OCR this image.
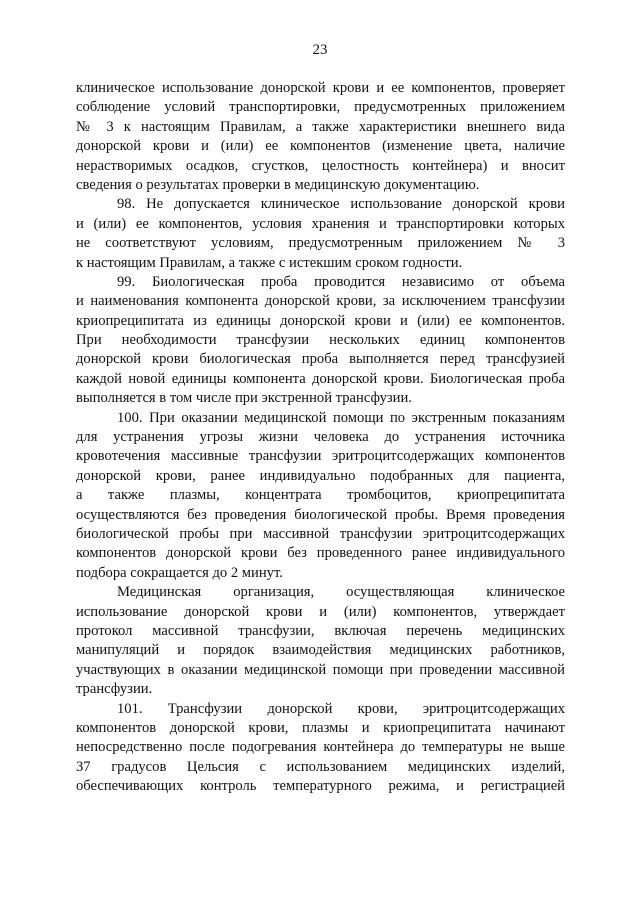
23
клиническое использование донорской крови и ее компонентов, проверяет
соблюдение условий транспортировки, предусмотренных приложением
№ 3 к настоящим Правилам, а также характеристики внешнего вида
донорской крови и (или) ее компонентов (изменение цвета, наличие
нерастворимых осадков, сгустков, целостность контейнера) и вносит
сведения о результатах проверки в медицинскую документацию.
98. Не допускается клиническое использование донорской крови
и (или) ее компонентов, условия хранения и транспортировки которых
не соответствуют условиям, предусмотренным приложением № 3
к настоящим Правилам, а также с истекшим сроком годности.
99. Биологическая проба проводится независимо от объема
и наименования компонента донорской крови, за исключением трансфузии
криопреципитата из единицы донорской крови и (или) ее компонентов.
При необходимости трансфузии нескольких единиц компонентов
донорской крови биологическая проба выполняется перед трансфузией
каждой новой единицы компонента донорской крови. Биологическая проба
выполняется в том числе при экстренной трансфузии.
100. При оказании медицинской помощи по экстренным показаниям
для устранения угрозы жизни человека до устранения источника
кровотечения массивные трансфузии эритроцитсодержащих компонентов
донорской крови, ранее индивидуально подобранных для пациента,
а также плазмы, концентрата тромбоцитов, криопреципитата
осуществляются без проведения биологической пробы. Время проведения
биологической пробы при массивной трансфузии эритроцитсодержащих
компонентов донорской крови без проведенного ранее индивидуального
подбора сокращается до 2 минут.
Медицинская организация, осуществляющая клиническое
использование донорской крови и (или) компонентов, утверждает
протокол массивной трансфузии, включая перечень медицинских
манипуляций и порядок взаимодействия медицинских работников,
участвующих в оказании медицинской помощи при проведении массивной
трансфузии.
101. Трансфузии донорской крови, эритроцитсодержащих
компонентов донорской крови, плазмы и криопреципитата начинают
непосредственно после подогревания контейнера до температуры не выше
37 градусов Цельсия с использованием медицинских изделий,
обеспечивающих контроль температурного режима, и регистрацией
